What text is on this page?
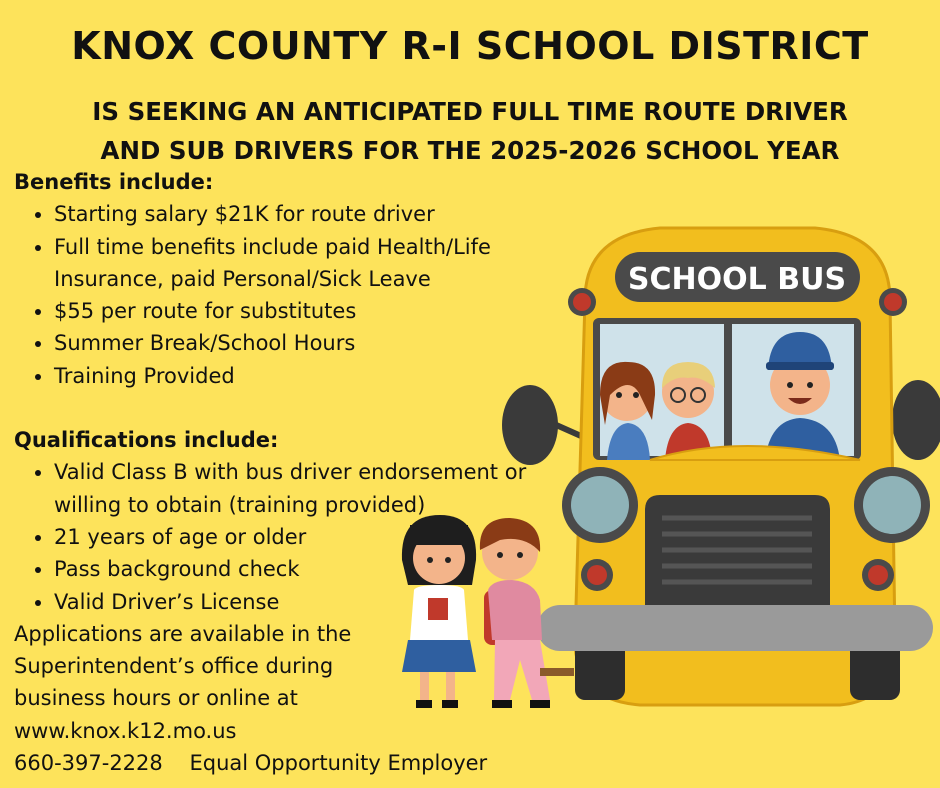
SCHOOL BUS
KNOX COUNTY R-I SCHOOL DISTRICT
IS SEEKING AN ANTICIPATED FULL TIME ROUTE DRIVER
AND SUB DRIVERS FOR THE 2025-2026 SCHOOL YEAR
Benefits include:
• Starting salary $21K for route driver
• Full time benefits include paid Health/Life Insurance, paid Personal/Sick Leave
• $55 per route for substitutes
• Summer Break/School Hours
• Training Provided
Qualifications include:
• Valid Class B with bus driver endorsement or willing to obtain (training provided)
• 21 years of age or older
• Pass background check
• Valid Driver’s License
Applications are available in the
Superintendent’s office during
business hours or online at
www.knox.k12.mo.us
660-397-2228 Equal Opportunity Employer
